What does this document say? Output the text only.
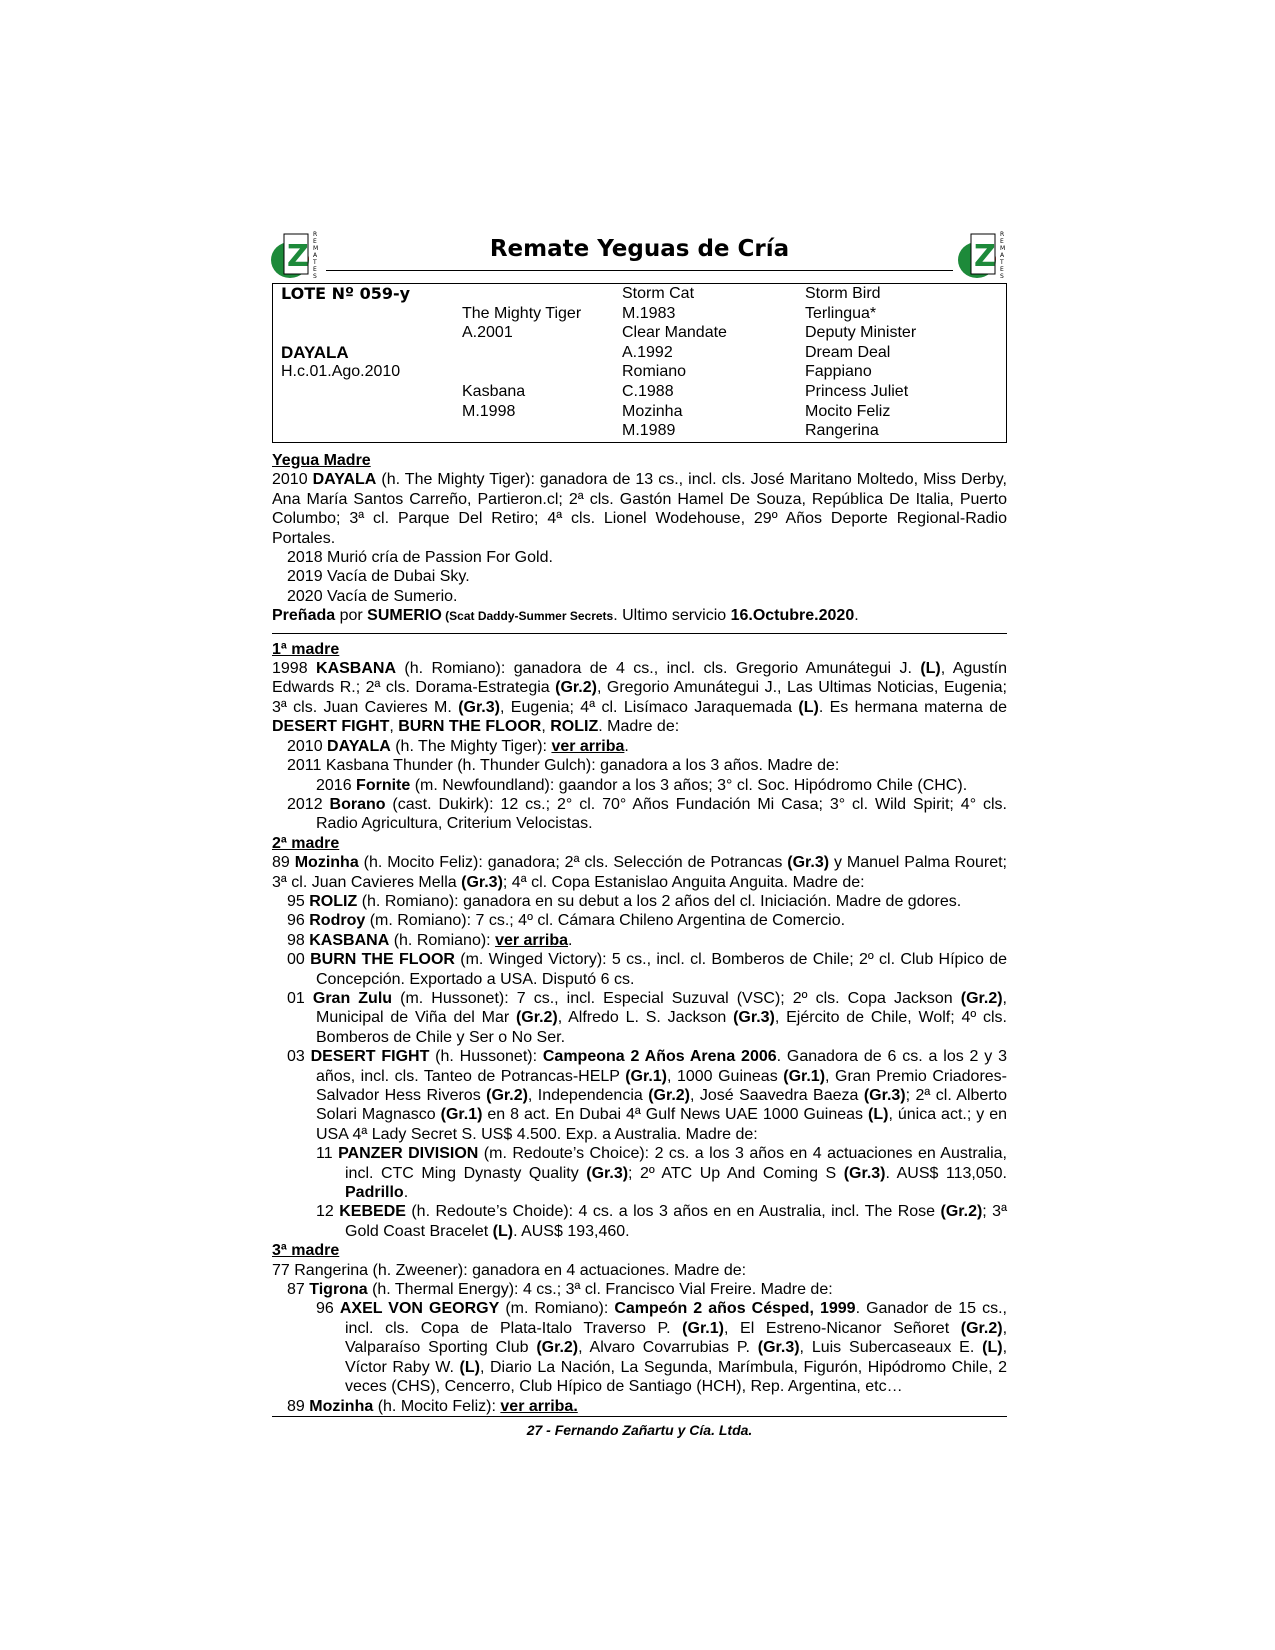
Z
R
E
M
A
T
E
S
Remate Yeguas de Cría	Z
R
E
M
A
T
E
S
LOTE Nº 059-y
DAYALA
H.c.01.Ago.2010
The Mighty Tiger
A.2001
Kasbana
M.1998
Storm Cat
M.1983
Clear Mandate
A.1992
Romiano
C.1988
Mozinha
M.1989
Storm Bird
Terlingua*
Deputy Minister
Dream Deal
Fappiano
Princess Juliet
Mocito Feliz
Rangerina
Yegua Madre

2010 DAYALA (h. The Mighty Tiger): ganadora de 13 cs., incl. cls. José Maritano Moltedo, Miss Derby, Ana María Santos Carreño, Partieron.cl; 2ª cls. Gastón Hamel De Souza, República De Italia, Puerto Columbo; 3ª cl. Parque Del Retiro; 4ª cls. Lionel Wodehouse, 29º Años Deporte Regional-Radio Portales.

2018 Murió cría de Passion For Gold.
2019 Vacía de Dubai Sky.
2020 Vacía de Sumerio.
Preñada por SUMERIO (Scat Daddy-Summer Secrets. Ultimo servicio 16.Octubre.2020.
1ª madre

1998 KASBANA (h. Romiano): ganadora de 4 cs., incl. cls. Gregorio Amunátegui J. (L), Agustín Edwards R.; 2ª cls. Dorama-Estrategia (Gr.2), Gregorio Amunátegui J., Las Ultimas Noticias, Eugenia; 3ª cls. Juan Cavieres M. (Gr.3), Eugenia; 4ª cl. Lisímaco Jaraquemada (L). Es hermana materna de DESERT FIGHT, BURN THE FLOOR, ROLIZ. Madre de:

2010 DAYALA (h. The Mighty Tiger): ver arriba.
2011 Kasbana Thunder (h. Thunder Gulch): ganadora a los 3 años. Madre de:
2016 Fornite (m. Newfoundland): gaandor a los 3 años; 3° cl. Soc. Hipódromo Chile (CHC).
2012 Borano (cast. Dukirk): 12 cs.; 2° cl. 70° Años Fundación Mi Casa; 3° cl. Wild Spirit; 4° cls. Radio Agricultura, Criterium Velocistas.
2ª madre

89 Mozinha (h. Mocito Feliz): ganadora; 2ª cls. Selección de Potrancas (Gr.3) y Manuel Palma Rouret; 3ª cl. Juan Cavieres Mella (Gr.3); 4ª cl. Copa Estanislao Anguita Anguita. Madre de:

95 ROLIZ (h. Romiano): ganadora en su debut a los 2 años del cl. Iniciación. Madre de gdores.
96 Rodroy (m. Romiano): 7 cs.; 4º cl. Cámara Chileno Argentina de Comercio.
98 KASBANA (h. Romiano): ver arriba.
00 BURN THE FLOOR (m. Winged Victory): 5 cs., incl. cl. Bomberos de Chile; 2º cl. Club Hípico de Concepción. Exportado a USA. Disputó 6 cs.
01 Gran Zulu (m. Hussonet): 7 cs., incl. Especial Suzuval (VSC); 2º cls. Copa Jackson (Gr.2), Municipal de Viña del Mar (Gr.2), Alfredo L. S. Jackson (Gr.3), Ejército de Chile, Wolf; 4º cls. Bomberos de Chile y Ser o No Ser.
03 DESERT FIGHT (h. Hussonet): Campeona 2 Años Arena 2006. Ganadora de 6 cs. a los 2 y 3 años, incl. cls. Tanteo de Potrancas-HELP (Gr.1), 1000 Guineas (Gr.1), Gran Premio Criadores-Salvador Hess Riveros (Gr.2), Independencia (Gr.2), José Saavedra Baeza (Gr.3); 2ª cl. Alberto Solari Magnasco (Gr.1) en 8 act. En Dubai 4ª Gulf News UAE 1000 Guineas (L), única act.; y en USA 4ª Lady Secret S. US$ 4.500. Exp. a Australia. Madre de:
11 PANZER DIVISION (m. Redoute’s Choice): 2 cs. a los 3 años en 4 actuaciones en Australia, incl. CTC Ming Dynasty Quality (Gr.3); 2º ATC Up And Coming S (Gr.3). AUS$ 113,050. Padrillo.
12 KEBEDE (h. Redoute’s Choide): 4 cs. a los 3 años en en Australia, incl. The Rose (Gr.2); 3ª Gold Coast Bracelet (L). AUS$ 193,460.
3ª madre

77 Rangerina (h. Zweener): ganadora en 4 actuaciones. Madre de:

87 Tigrona (h. Thermal Energy): 4 cs.; 3ª cl. Francisco Vial Freire. Madre de:
96 AXEL VON GEORGY (m. Romiano): Campeón 2 años Césped, 1999. Ganador de 15 cs., incl. cls. Copa de Plata-Italo Traverso P. (Gr.1), El Estreno-Nicanor Señoret (Gr.2), Valparaíso Sporting Club (Gr.2), Alvaro Covarrubias P. (Gr.3), Luis Subercaseaux E. (L), Víctor Raby W. (L), Diario La Nación, La Segunda, Marímbula, Figurón, Hipódromo Chile, 2 veces (CHS), Cencerro, Club Hípico de Santiago (HCH), Rep. Argentina, etc…
89 Mozinha (h. Mocito Feliz): ver arriba.
27 - Fernando Zañartu y Cía. Ltda.
